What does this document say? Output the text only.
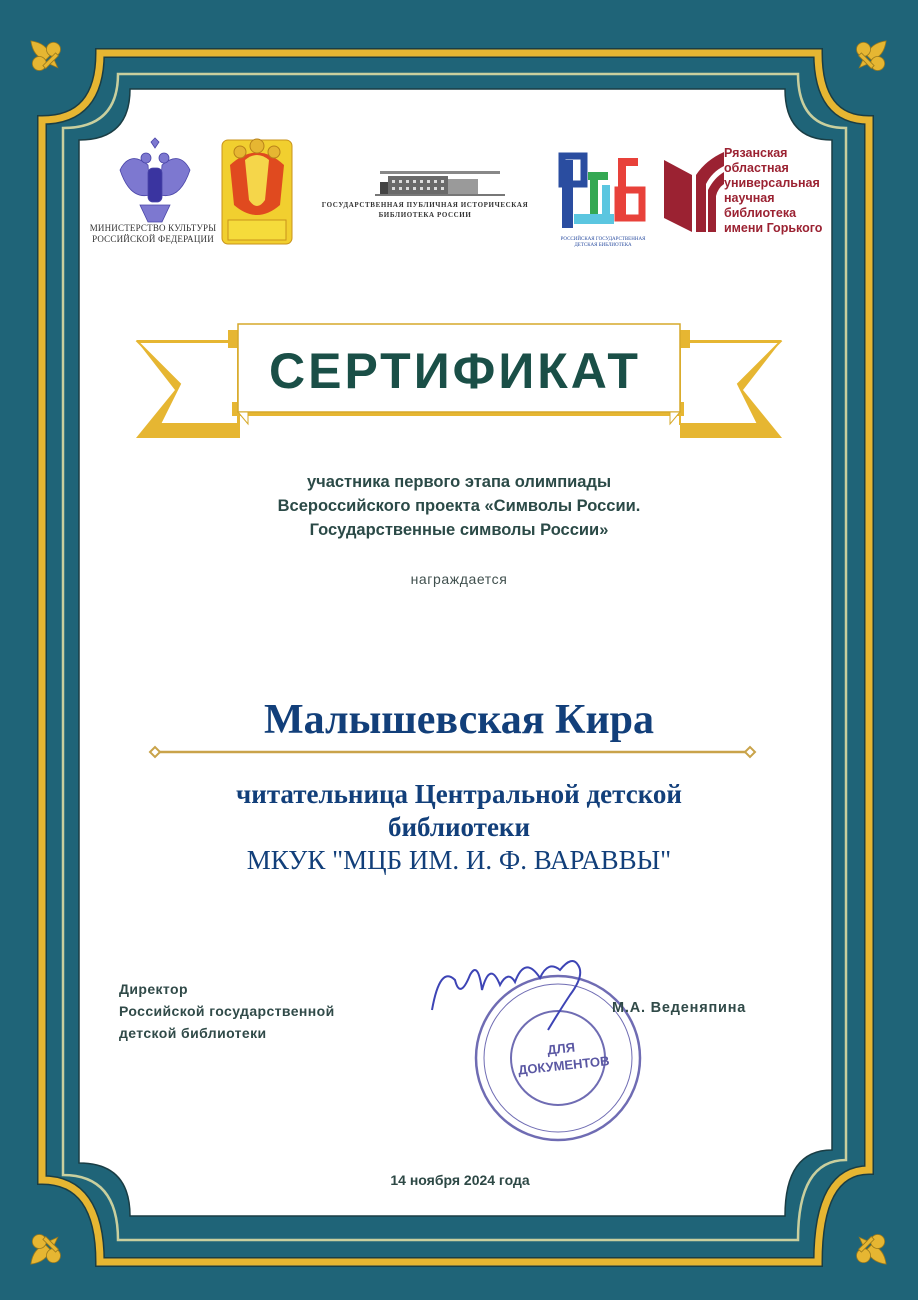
МИНИСТЕРСТВО КУЛЬТУРЫ
РОССИЙСКОЙ ФЕДЕРАЦИИ
ГОСУДАРСТВЕННАЯ ПУБЛИЧНАЯ ИСТОРИЧЕСКАЯ
БИБЛИОТЕКА РОССИИ
РОССИЙСКАЯ ГОСУДАРСТВЕННАЯ
ДЕТСКАЯ БИБЛИОТЕКА
Рязанская
областная
универсальная
научная
библиотека
имени Горького
СЕРТИФИКАТ
участника первого этапа олимпиады
Всероссийского проекта «Символы России.
Государственные символы России»
награждается
Малышевская Кира
читательница Центральной детской
библиотеки
МКУК "МЦБ ИМ. И. Ф. ВАРАВВЫ"
Директор
Российской государственной
детской библиотеки
ДЛЯ
ДОКУМЕНТОВ
М.А. Веденяпина
14 ноября 2024 года
